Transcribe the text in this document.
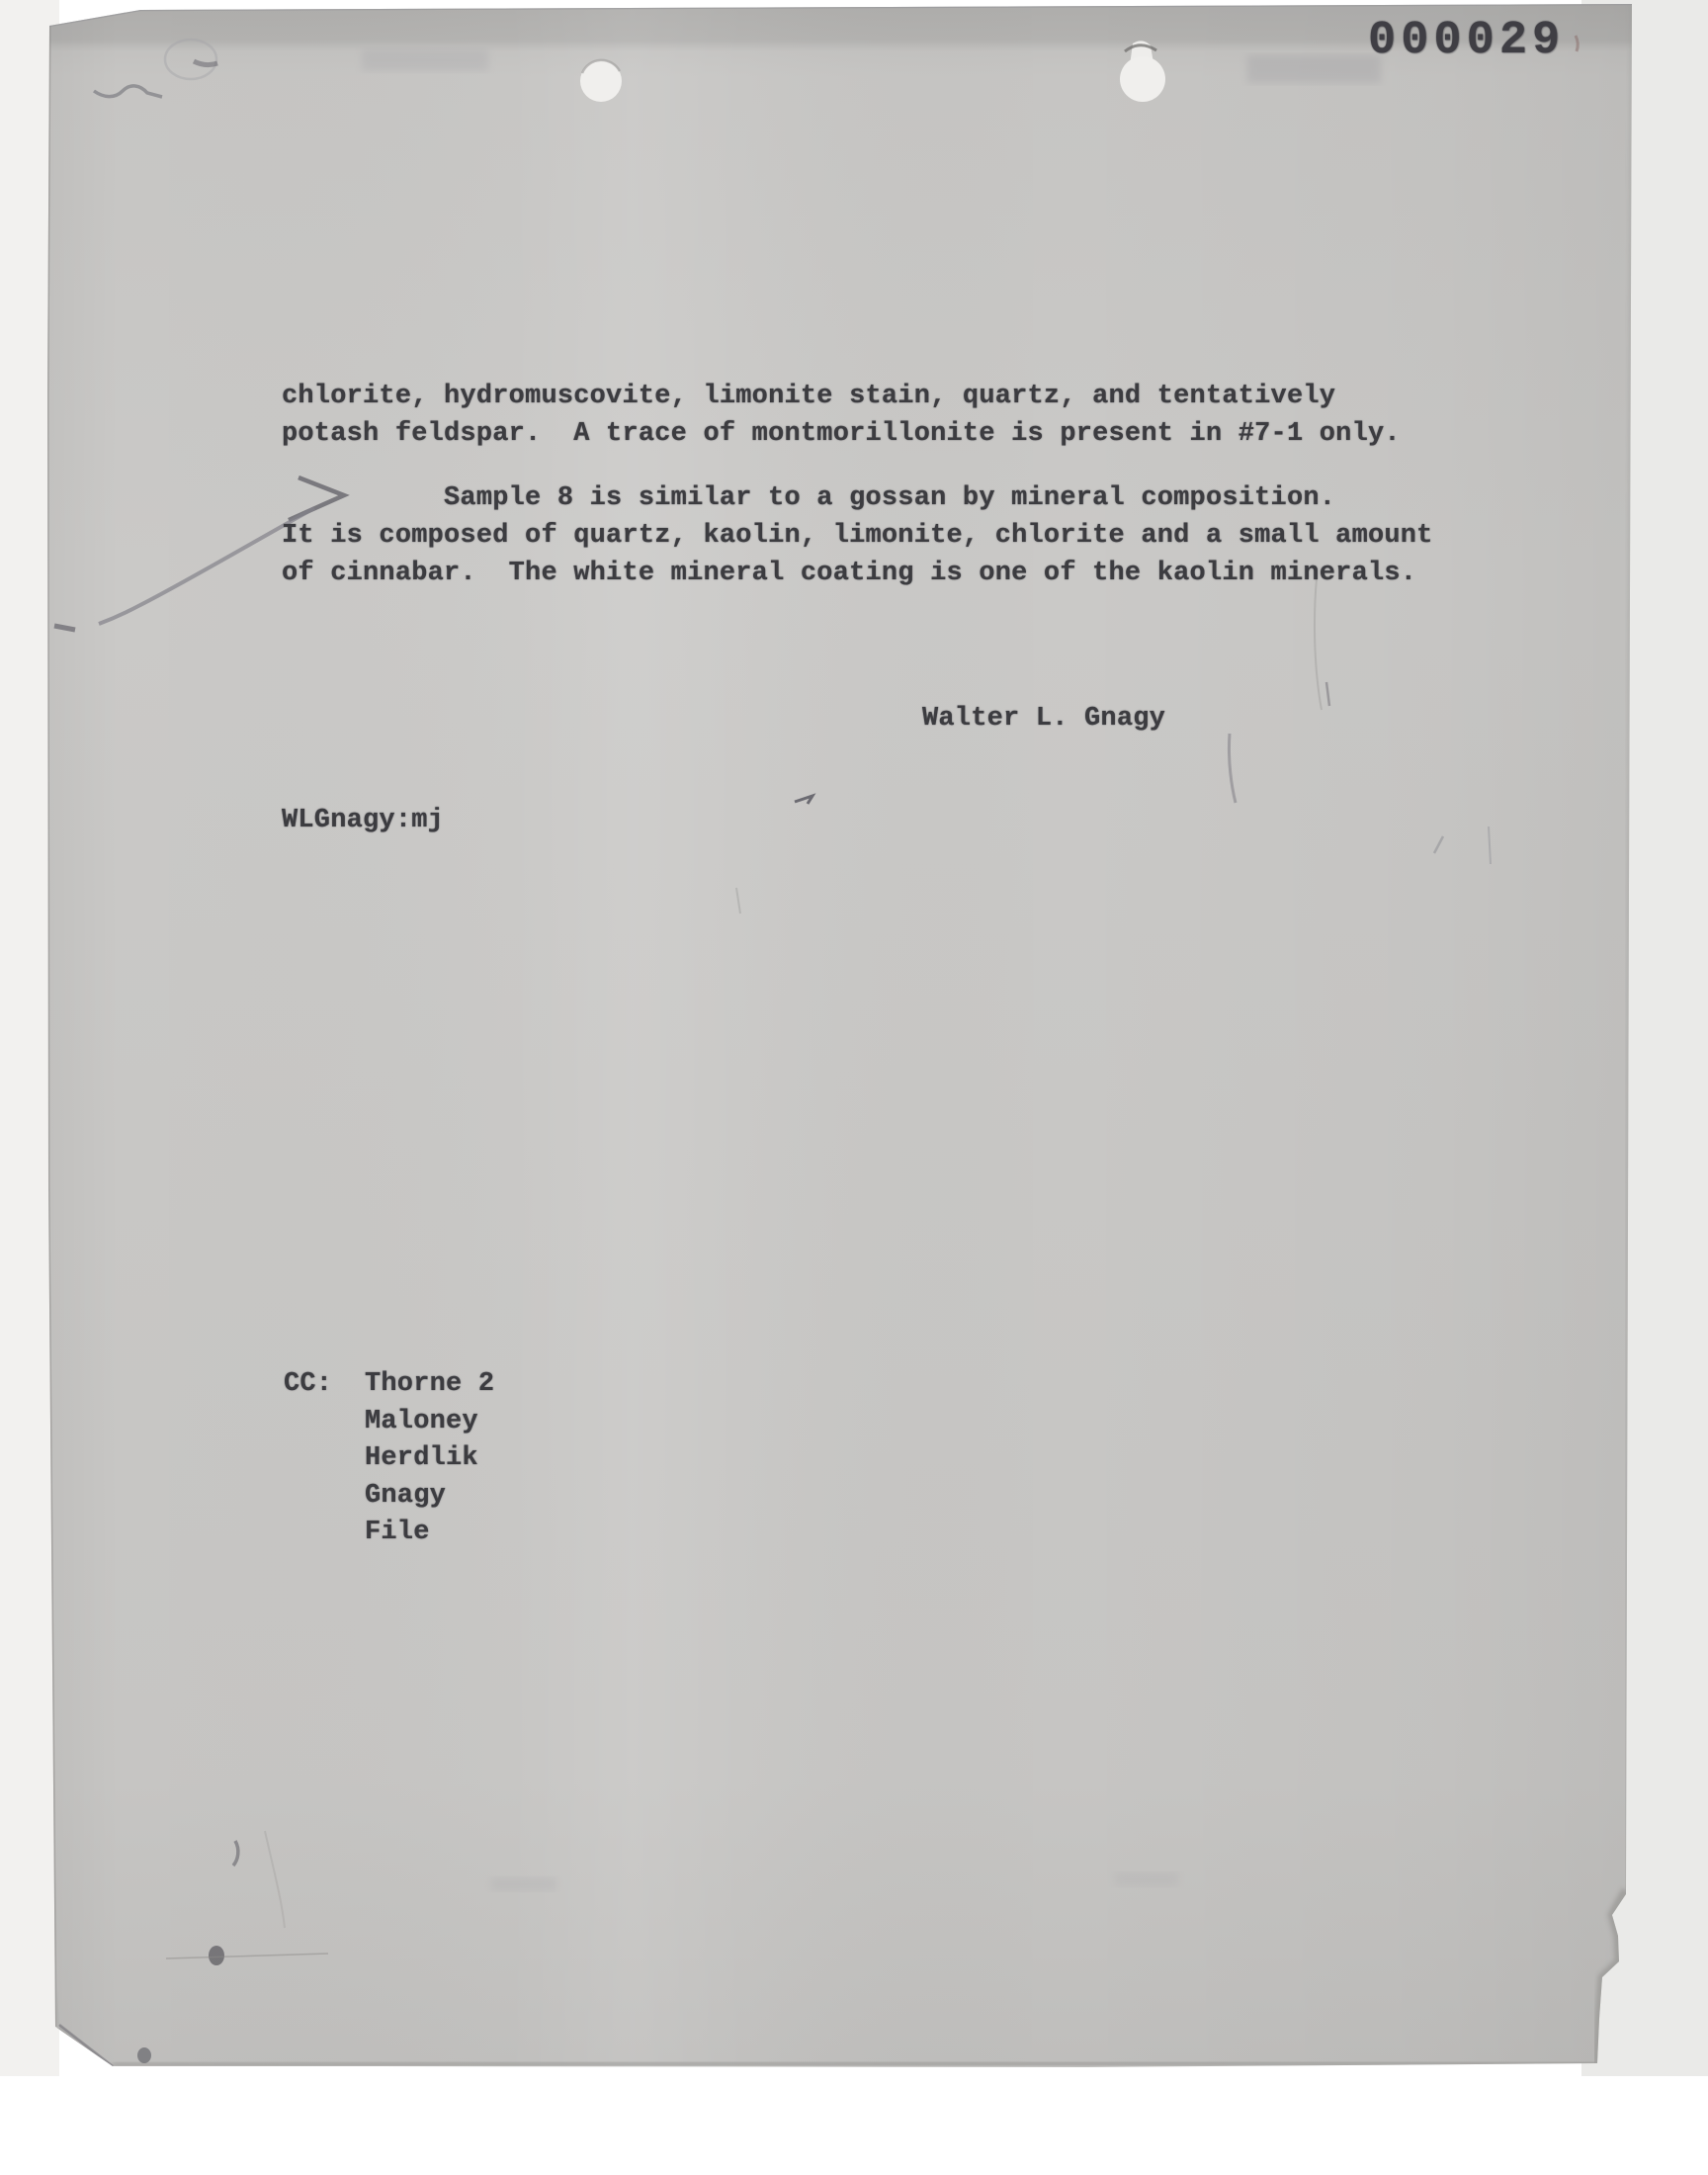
000029
chlorite, hydromuscovite, limonite stain, quartz, and tentatively
potash feldspar.  A trace of montmorillonite is present in #7-1 only.
Sample 8 is similar to a gossan by mineral composition.
It is composed of quartz, kaolin, limonite, chlorite and a small amount
of cinnabar.  The white mineral coating is one of the kaolin minerals.
Walter L. Gnagy
WLGnagy:mj
CC: Thorne 2
Maloney
Herdlik
Gnagy
File
